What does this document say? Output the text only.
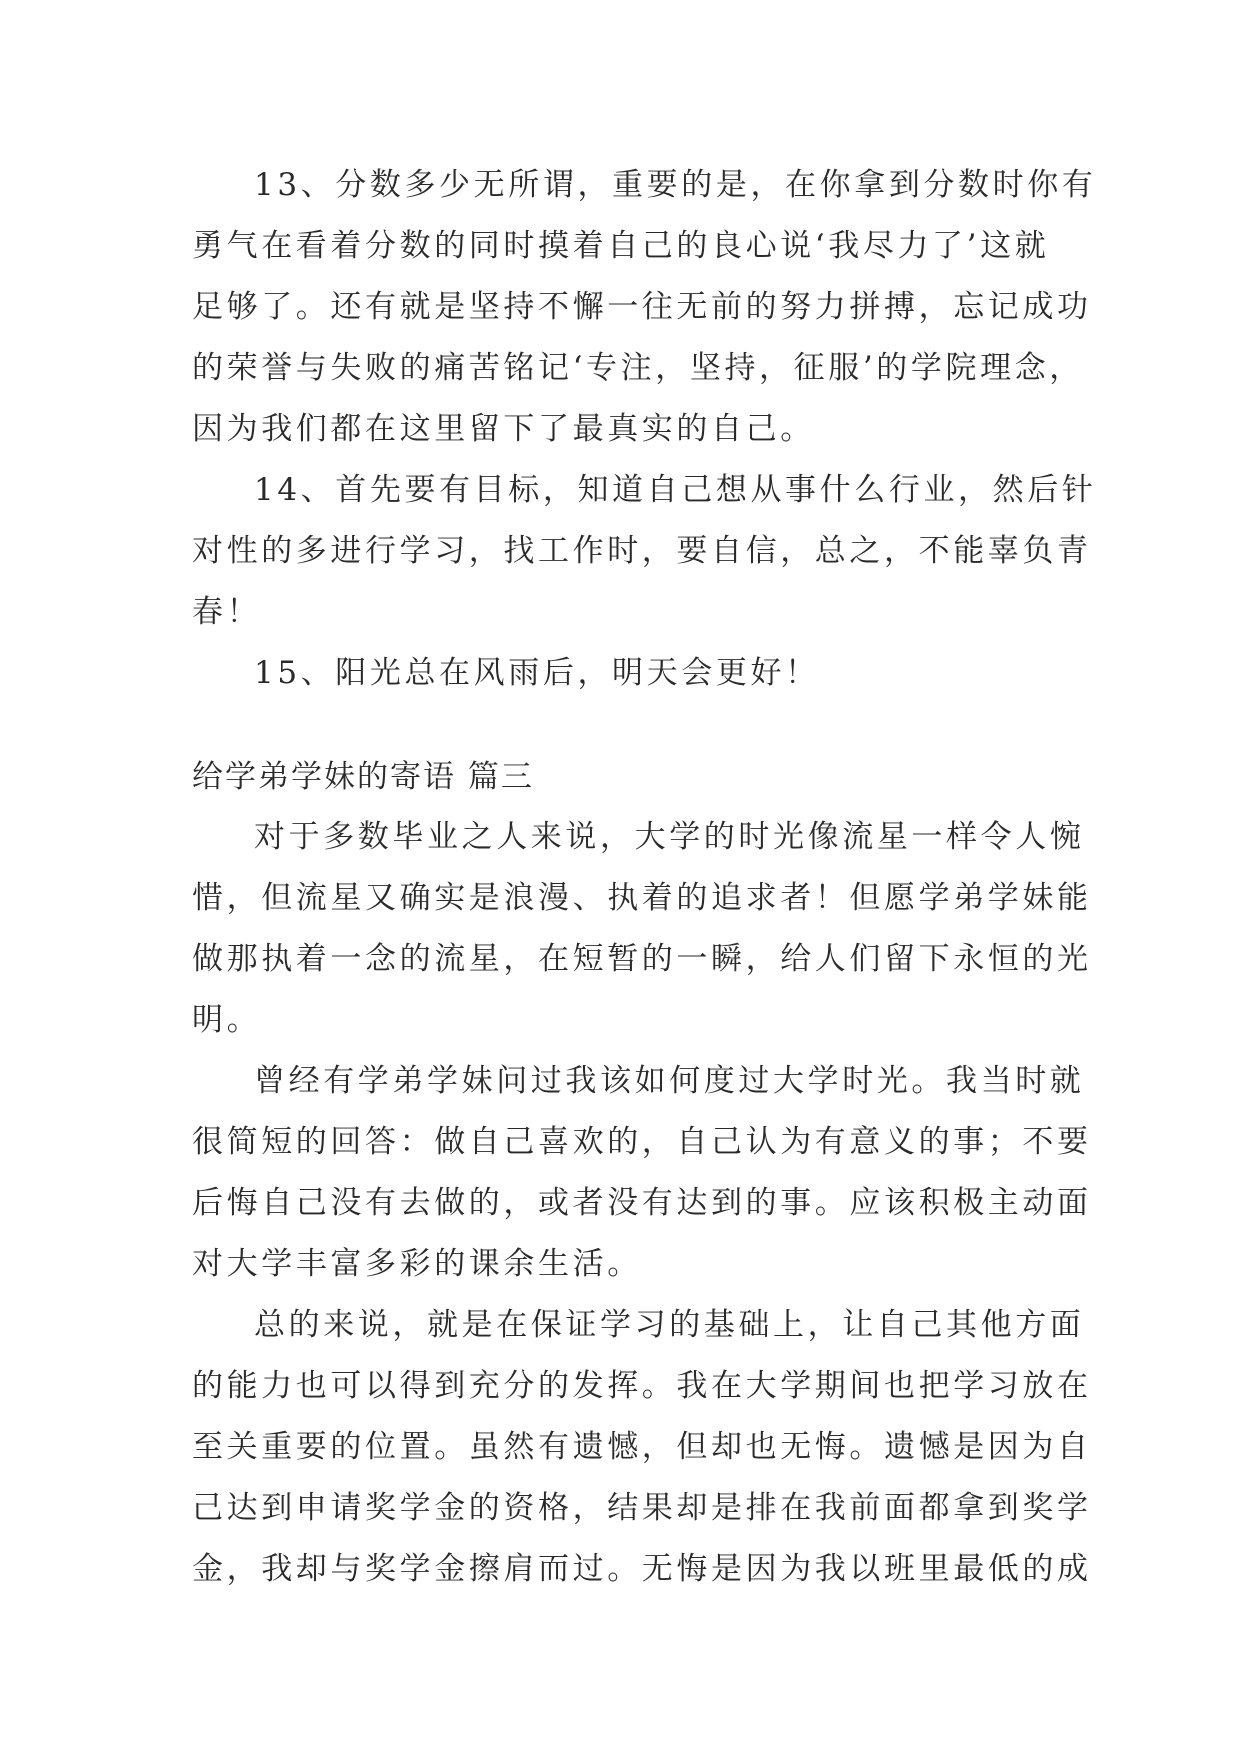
13、分数多少无所谓，重要的是，在你拿到分数时你有
勇气在看着分数的同时摸着自己的良心说‘我尽力了’这就
足够了。还有就是坚持不懈一往无前的努力拼搏，忘记成功
的荣誉与失败的痛苦铭记‘专注，坚持，征服’的学院理念，
因为我们都在这里留下了最真实的自己。
14、首先要有目标，知道自己想从事什么行业，然后针
对性的多进行学习，找工作时，要自信，总之，不能辜负青
春！
15、阳光总在风雨后，明天会更好！
给学弟学妹的寄语 篇三
对于多数毕业之人来说，大学的时光像流星一样令人惋
惜，但流星又确实是浪漫、执着的追求者！但愿学弟学妹能
做那执着一念的流星，在短暂的一瞬，给人们留下永恒的光
明。
曾经有学弟学妹问过我该如何度过大学时光。我当时就
很简短的回答：做自己喜欢的，自己认为有意义的事；不要
后悔自己没有去做的，或者没有达到的事。应该积极主动面
对大学丰富多彩的课余生活。
总的来说，就是在保证学习的基础上，让自己其他方面
的能力也可以得到充分的发挥。我在大学期间也把学习放在
至关重要的位置。虽然有遗憾，但却也无悔。遗憾是因为自
己达到申请奖学金的资格，结果却是排在我前面都拿到奖学
金，我却与奖学金擦肩而过。无悔是因为我以班里最低的成
